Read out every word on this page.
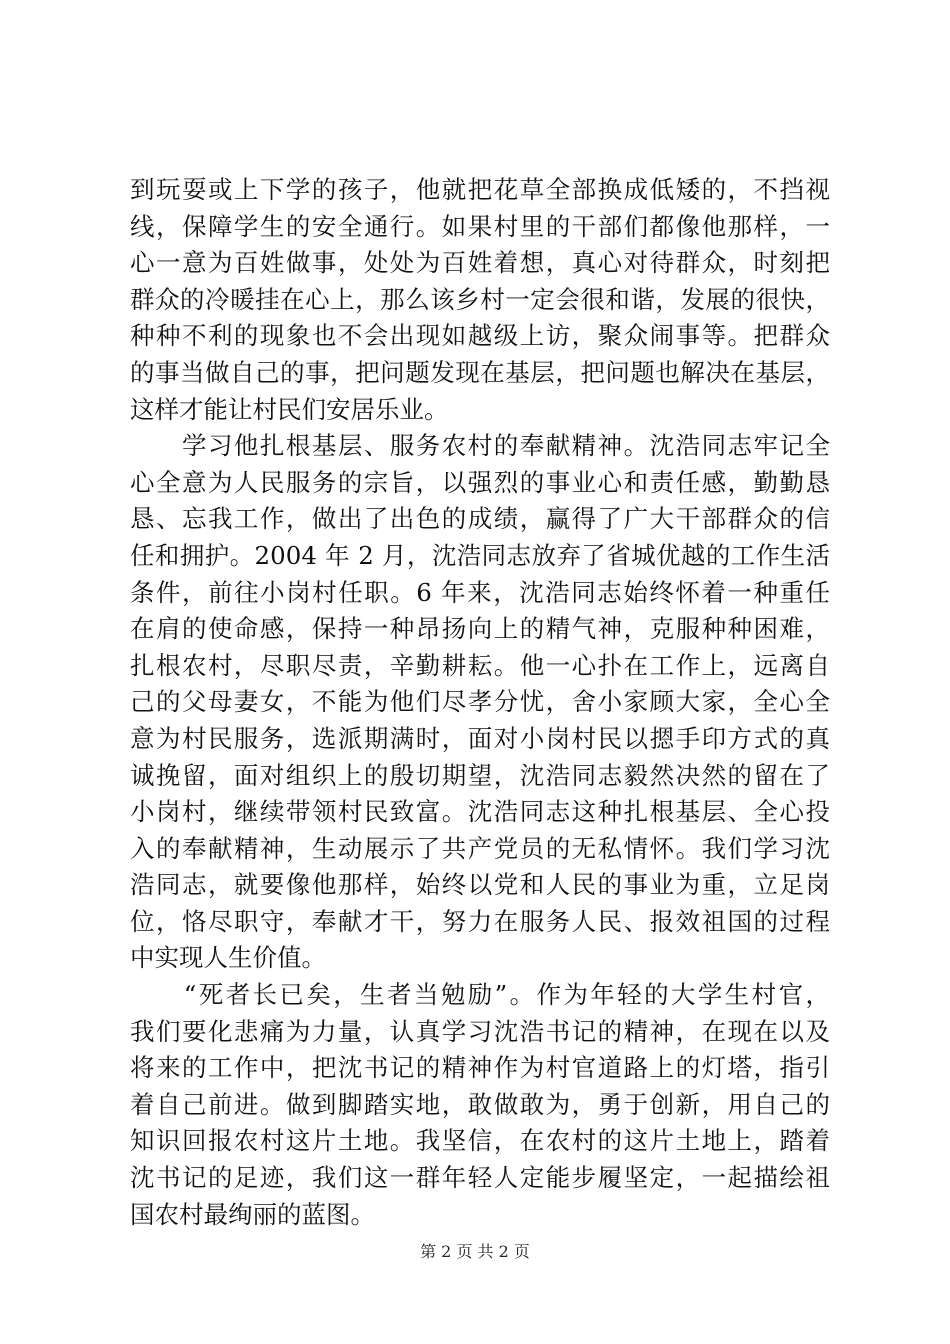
到玩耍或上下学的孩子，他就把花草全部换成低矮的，不挡视
线，保障学生的安全通行。如果村里的干部们都像他那样，一
心一意为百姓做事，处处为百姓着想，真心对待群众，时刻把
群众的冷暖挂在心上，那么该乡村一定会很和谐，发展的很快，
种种不利的现象也不会出现如越级上访，聚众闹事等。把群众
的事当做自己的事，把问题发现在基层，把问题也解决在基层，
这样才能让村民们安居乐业。
　　学习他扎根基层、服务农村的奉献精神。沈浩同志牢记全
心全意为人民服务的宗旨，以强烈的事业心和责任感，勤勤恳
恳、忘我工作，做出了出色的成绩，赢得了广大干部群众的信
任和拥护。2004 年 2 月，沈浩同志放弃了省城优越的工作生活
条件，前往小岗村任职。6 年来，沈浩同志始终怀着一种重任
在肩的使命感，保持一种昂扬向上的精气神，克服种种困难，
扎根农村，尽职尽责，辛勤耕耘。他一心扑在工作上，远离自
己的父母妻女，不能为他们尽孝分忧，舍小家顾大家，全心全
意为村民服务，选派期满时，面对小岗村民以摁手印方式的真
诚挽留，面对组织上的殷切期望，沈浩同志毅然决然的留在了
小岗村，继续带领村民致富。沈浩同志这种扎根基层、全心投
入的奉献精神，生动展示了共产党员的无私情怀。我们学习沈
浩同志，就要像他那样，始终以党和人民的事业为重，立足岗
位，恪尽职守，奉献才干，努力在服务人民、报效祖国的过程
中实现人生价值。
　　“死者长已矣，生者当勉励”。作为年轻的大学生村官，
我们要化悲痛为力量，认真学习沈浩书记的精神，在现在以及
将来的工作中，把沈书记的精神作为村官道路上的灯塔，指引
着自己前进。做到脚踏实地，敢做敢为，勇于创新，用自己的
知识回报农村这片土地。我坚信，在农村的这片土地上，踏着
沈书记的足迹，我们这一群年轻人定能步履坚定，一起描绘祖
国农村最绚丽的蓝图。
第 2 页 共 2 页
